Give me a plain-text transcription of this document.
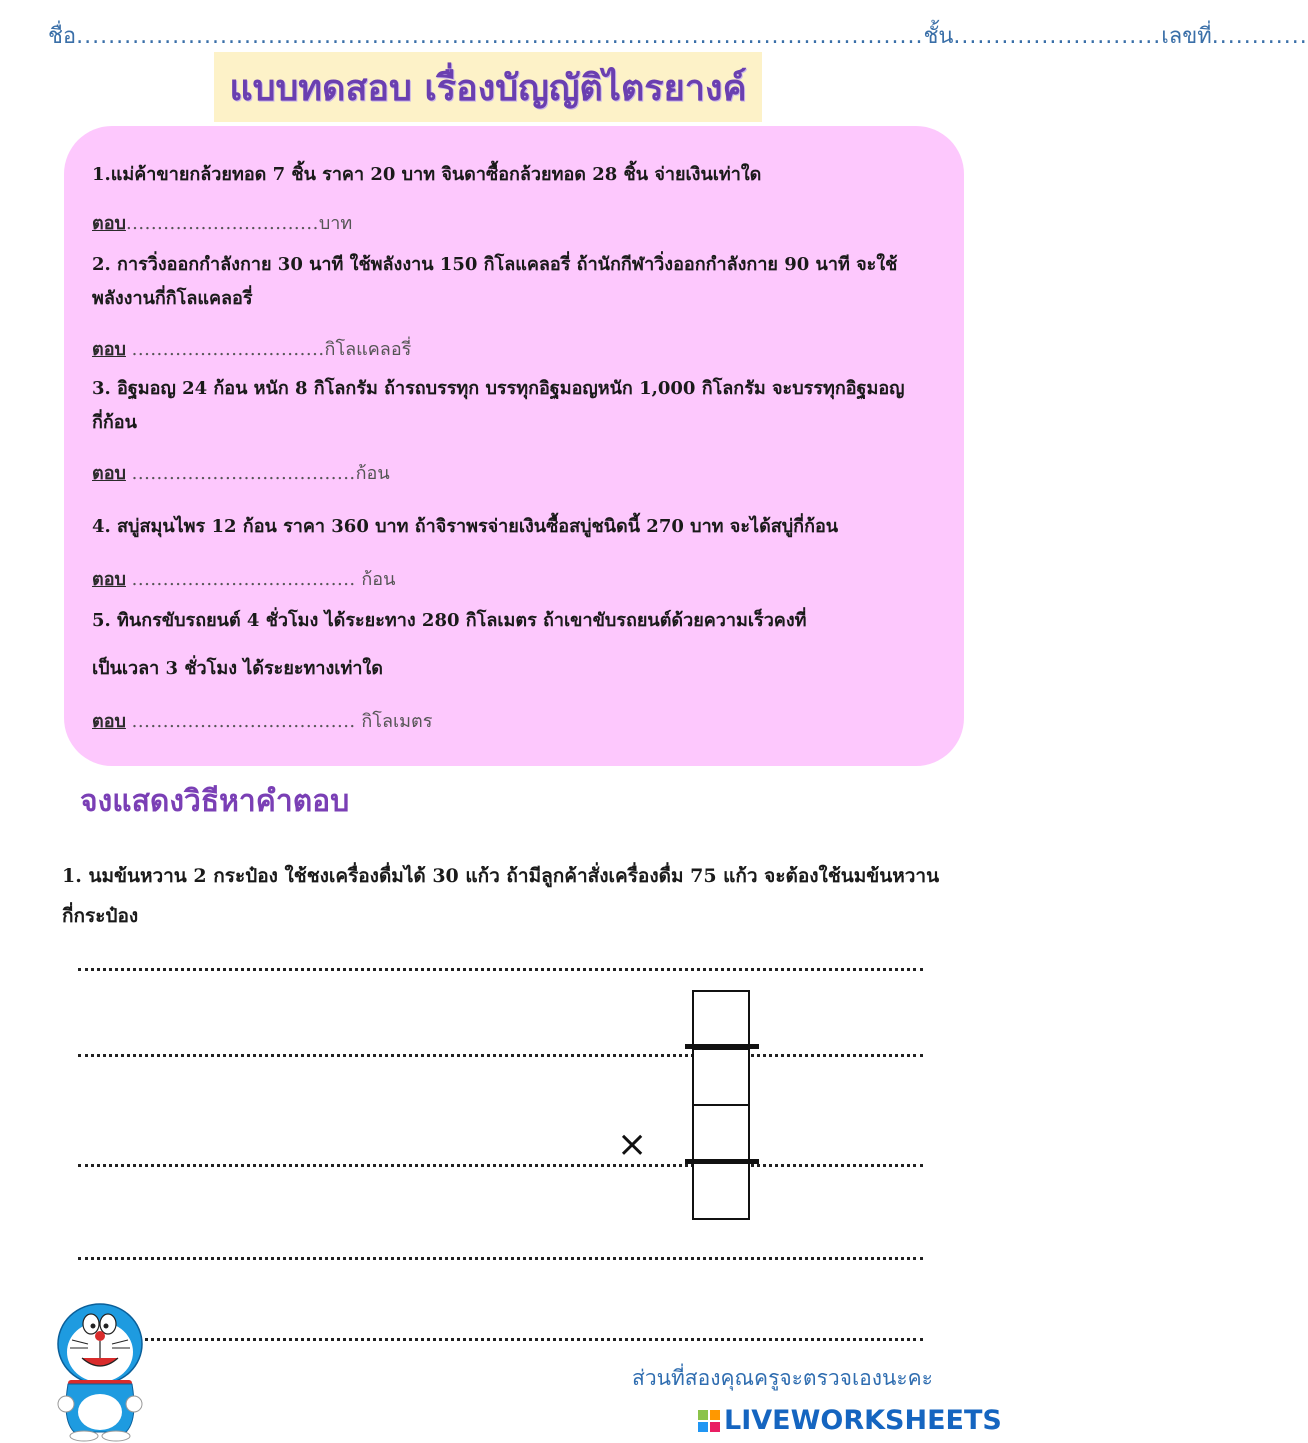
ชื่อ..........................................................................................................ชั้น..........................เลขที่............
แบบทดสอบ เรื่องบัญญัติไตรยางค์
1.แม่ค้าขายกล้วยทอด 7 ชิ้น ราคา 20 บาท จินดาซื้อกล้วยทอด 28 ชิ้น จ่ายเงินเท่าใด
ตอบ...............................บาท
2. การวิ่งออกกำลังกาย 30 นาที ใช้พลังงาน 150 กิโลแคลอรี่ ถ้านักกีฬาวิ่งออกกำลังกาย 90 นาที จะใช้พลังงานกี่กิโลแคลอรี่
ตอบ ...............................กิโลแคลอรี่
3. อิฐมอญ 24 ก้อน หนัก 8 กิโลกรัม ถ้ารถบรรทุก บรรทุกอิฐมอญหนัก 1,000 กิโลกรัม จะบรรทุกอิฐมอญกี่ก้อน
ตอบ ....................................ก้อน
4. สบู่สมุนไพร 12 ก้อน ราคา 360 บาท ถ้าจิราพรจ่ายเงินซื้อสบู่ชนิดนี้ 270 บาท จะได้สบู่กี่ก้อน
ตอบ .................................... ก้อน
5. ทินกรขับรถยนต์ 4 ชั่วโมง ได้ระยะทาง 280 กิโลเมตร ถ้าเขาขับรถยนต์ด้วยความเร็วคงที่
เป็นเวลา 3 ชั่วโมง ได้ระยะทางเท่าใด
ตอบ .................................... กิโลเมตร
จงแสดงวิธีหาคำตอบ
1. นมข้นหวาน 2 กระป๋อง ใช้ชงเครื่องดื่มได้ 30 แก้ว ถ้ามีลูกค้าสั่งเครื่องดื่ม 75 แก้ว จะต้องใช้นมข้นหวานกี่กระป๋อง
×
ส่วนที่สองคุณครูจะตรวจเองนะคะ
LIVEWORKSHEETS
